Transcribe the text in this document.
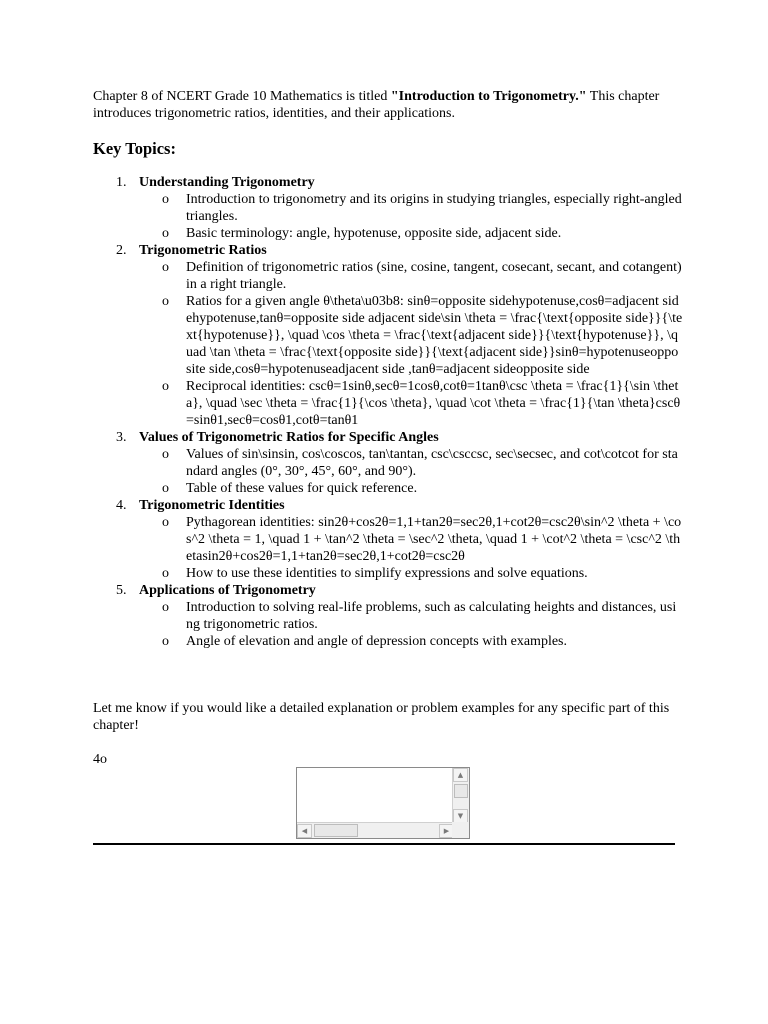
Chapter 8 of NCERT Grade 10 Mathematics is titled "Introduction to Trigonometry." This chapter introduces trigonometric ratios, identities, and their applications.

Key Topics:
1. Understanding Trigonometry
o Introduction to trigonometry and its origins in studying triangles, especially right-angled triangles.
o Basic terminology: angle, hypotenuse, opposite side, adjacent side.
2. Trigonometric Ratios
o Definition of trigonometric ratios (sine, cosine, tangent, cosecant, secant, and cotangent) in a right triangle.
o Ratios for a given angle θ\theta\u03b8: sinθ=opposite sidehypotenuse,cosθ=adjacent sidehypotenuse,tanθ=opposite side adjacent side\sin \theta = \frac{\text{opposite side}}{\text{hypotenuse}}, \quad \cos \theta = \frac{\text{adjacent side}}{\text{hypotenuse}}, \quad \tan \theta = \frac{\text{opposite side}}{\text{adjacent side}}sinθ=hypotenuseopposite side,cosθ=hypotenuseadjacent side ,tanθ=adjacent sideopposite side
o Reciprocal identities: cscθ=1sinθ,secθ=1cosθ,cotθ=1tanθ\csc \theta = \frac{1}{\sin \theta}, \quad \sec \theta = \frac{1}{\cos \theta}, \quad \cot \theta = \frac{1}{\tan \theta}cscθ=sinθ1,secθ=cosθ1,cotθ=tanθ1
3. Values of Trigonometric Ratios for Specific Angles
o Values of sin\sinsin, cos\coscos, tan\tantan, csc\csccsc, sec\secsec, and cot\cotcot for standard angles (0°, 30°, 45°, 60°, and 90°).
o Table of these values for quick reference.
4. Trigonometric Identities
o Pythagorean identities: sin2θ+cos2θ=1,1+tan2θ=sec2θ,1+cot2θ=csc2θ\sin^2 \theta + \cos^2 \theta = 1, \quad 1 + \tan^2 \theta = \sec^2 \theta, \quad 1 + \cot^2 \theta = \csc^2 \thetasin2θ+cos2θ=1,1+tan2θ=sec2θ,1+cot2θ=csc2θ
o How to use these identities to simplify expressions and solve equations.
5. Applications of Trigonometry
o Introduction to solving real-life problems, such as calculating heights and distances, using trigonometric ratios.
o Angle of elevation and angle of depression concepts with examples.

Let me know if you would like a detailed explanation or problem examples for any specific part of this chapter!

4o
▲
▼
◀	▶
